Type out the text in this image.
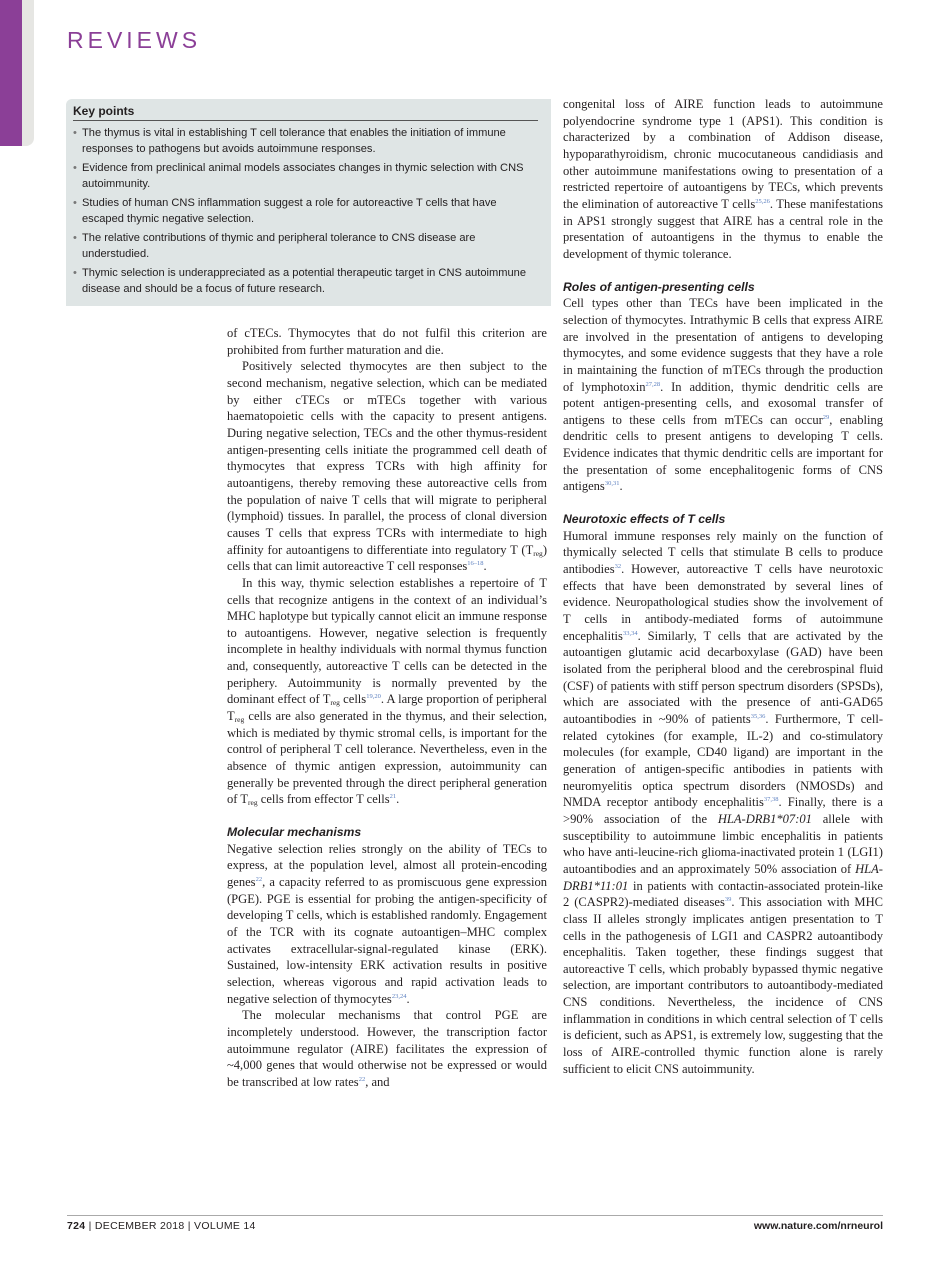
REVIEWS
Key points
• The thymus is vital in establishing T cell tolerance that enables the initiation of immune responses to pathogens but avoids autoimmune responses.
• Evidence from preclinical animal models associates changes in thymic selection with CNS autoimmunity.
• Studies of human CNS inflammation suggest a role for autoreactive T cells that have escaped thymic negative selection.
• The relative contributions of thymic and peripheral tolerance to CNS disease are understudied.
• Thymic selection is underappreciated as a potential therapeutic target in CNS autoimmune disease and should be a focus of future research.

of cTECs. Thymocytes that do not fulfil this criterion are prohibited from further maturation and die.

Positively selected thymocytes are then subject to the second mechanism, negative selection, which can be mediated by either cTECs or mTECs together with various haematopoietic cells with the capacity to present antigens. During negative selection, TECs and the other thymus-resident antigen-presenting cells initiate the programmed cell death of thymocytes that express TCRs with high affinity for autoantigens, thereby removing these autoreactive cells from the population of naive T cells that will migrate to peripheral (lymphoid) tissues. In parallel, the process of clonal diversion causes T cells that express TCRs with intermediate to high affinity for autoantigens to differentiate into regulatory T $(T_{reg})$ cells that can limit autoreactive T cell responses$^{16-18}$.

In this way, thymic selection establishes a repertoire of T cells that recognize antigens in the context of an individual’s MHC haplotype but typically cannot elicit an immune response to autoantigens. However, negative selection is frequently incomplete in healthy individuals with normal thymus function and, consequently, autoreactive T cells can be detected in the periphery. Autoimmunity is normally prevented by the dominant effect of $T_{reg}$ cells$^{19,20}$. A large proportion of peripheral $T_{reg}$ cells are also generated in the thymus, and their selection, which is mediated by thymic stromal cells, is important for the control of peripheral T cell tolerance. Nevertheless, even in the absence of thymic antigen expression, autoimmunity can generally be prevented through the direct peripheral generation of $T_{reg}$ cells from effector T cells$^{21}$.

Molecular mechanisms

Negative selection relies strongly on the ability of TECs to express, at the population level, almost all protein-encoding genes$^{22}$, a capacity referred to as promiscuous gene expression (PGE). PGE is essential for probing the antigen-specificity of developing T cells, which is established randomly. Engagement of the TCR with its cognate autoantigen–MHC complex activates extracellular-signal-regulated kinase (ERK). Sustained, low-intensity ERK activation results in positive selection, whereas vigorous and rapid activation leads to negative selection of thymocytes$^{23,24}$.

The molecular mechanisms that control PGE are incompletely understood. However, the transcription factor autoimmune regulator (AIRE) facilitates the expression of ~4,000 genes that would otherwise not be expressed or would be transcribed at low rates$^{22}$, and

congenital loss of AIRE function leads to autoimmune polyendocrine syndrome type 1 (APS1). This condition is characterized by a combination of Addison disease, hypoparathyroidism, chronic mucocutaneous candidiasis and other autoimmune manifestations owing to presentation of a restricted repertoire of autoantigens by TECs, which prevents the elimination of autoreactive T cells$^{25,26}$. These manifestations in APS1 strongly suggest that AIRE has a central role in the presentation of autoantigens in the thymus to enable the development of thymic tolerance.

Roles of antigen-presenting cells

Cell types other than TECs have been implicated in the selection of thymocytes. Intrathymic B cells that express AIRE are involved in the presentation of antigens to developing thymocytes, and some evidence suggests that they have a role in maintaining the function of mTECs through the production of lymphotoxin$^{27,28}$. In addition, thymic dendritic cells are potent antigen-presenting cells, and exosomal transfer of antigens to these cells from mTECs can occur$^{29}$, enabling dendritic cells to present antigens to developing T cells. Evidence indicates that thymic dendritic cells are important for the presentation of some encephalitogenic forms of CNS antigens$^{30,31}$.

Neurotoxic effects of T cells

Humoral immune responses rely mainly on the function of thymically selected T cells that stimulate B cells to produce antibodies$^{32}$. However, autoreactive T cells have neurotoxic effects that have been demonstrated by several lines of evidence. Neuropathological studies show the involvement of T cells in antibody-mediated forms of autoimmune encephalitis$^{33,34}$. Similarly, T cells that are activated by the autoantigen glutamic acid decarboxylase (GAD) have been isolated from the peripheral blood and the cerebrospinal fluid (CSF) of patients with stiff person spectrum disorders (SPSDs), which are associated with the presence of anti-GAD65 autoantibodies in ~90% of patients$^{35,36}$. Furthermore, T cell-related cytokines (for example, IL-2) and co-stimulatory molecules (for example, CD40 ligand) are important in the generation of antigen-specific antibodies in patients with neuromyelitis optica spectrum disorders (NMOSDs) and NMDA receptor antibody encephalitis$^{37,38}$. Finally, there is a >90% association of the HLA-DRB1*07:01 allele with susceptibility to autoimmune limbic encephalitis in patients who have anti-leucine-rich glioma-inactivated protein 1 (LGI1) autoantibodies and an approximately 50% association of HLA-DRB1*11:01 in patients with contactin-associated protein-like 2 (CASPR2)-mediated diseases$^{39}$. This association with MHC class II alleles strongly implicates antigen presentation to T cells in the pathogenesis of LGI1 and CASPR2 autoantibody encephalitis. Taken together, these findings suggest that autoreactive T cells, which probably bypassed thymic negative selection, are important contributors to autoantibody-mediated CNS conditions. Nevertheless, the incidence of CNS inflammation in conditions in which central selection of T cells is deficient, such as APS1, is extremely low, suggesting that the loss of AIRE-controlled thymic function alone is rarely sufficient to elicit CNS autoimmunity.

724 | DECEMBER 2018 | VOLUME 14	www.nature.com/nrneurol
